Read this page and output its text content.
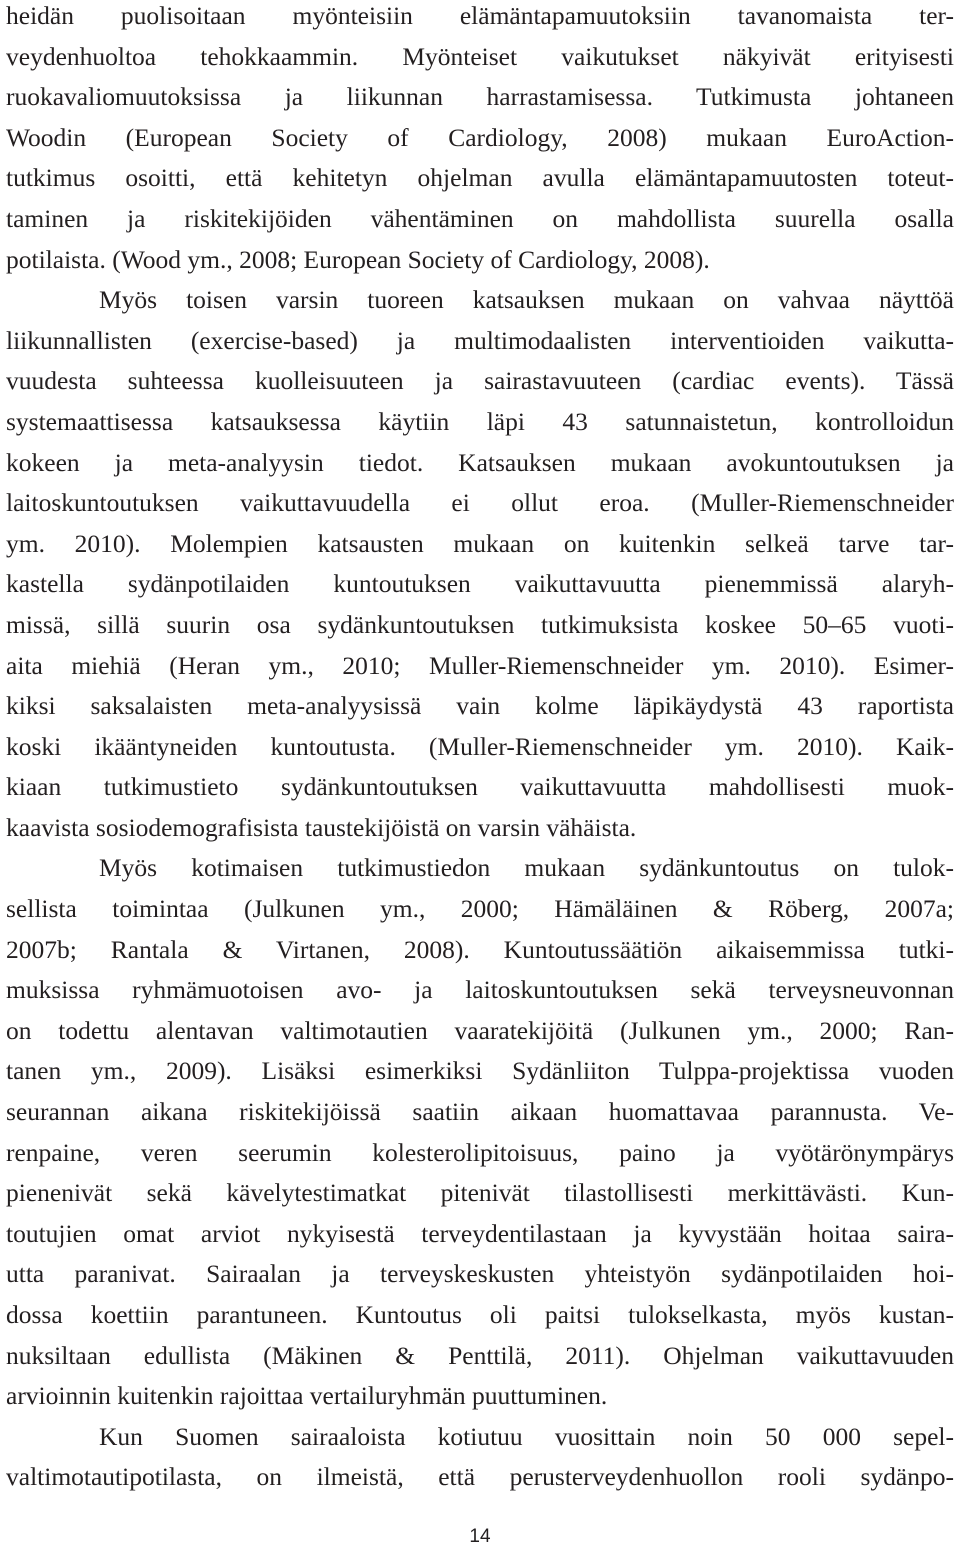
heidän puolisoitaan myönteisiin elämäntapamuutoksiin tavanomaista ter-
veydenhuoltoa tehokkaammin. Myönteiset vaikutukset näkyivät erityisesti
ruokavaliomuutoksissa ja liikunnan harrastamisessa. Tutkimusta johtaneen
Woodin (European Society of Cardiology, 2008) mukaan EuroAction-
tutkimus osoitti, että kehitetyn ohjelman avulla elämäntapamuutosten toteut-
taminen ja riskitekijöiden vähentäminen on mahdollista suurella osalla
potilaista. (Wood ym., 2008; European Society of Cardiology, 2008).
Myös toisen varsin tuoreen katsauksen mukaan on vahvaa näyttöä
liikunnallisten (exercise-based) ja multimodaalisten interventioiden vaikutta-
vuudesta suhteessa kuolleisuuteen ja sairastavuuteen (cardiac events). Tässä
systemaattisessa katsauksessa käytiin läpi 43 satunnaistetun, kontrolloidun
kokeen ja meta-analyysin tiedot. Katsauksen mukaan avokuntoutuksen ja
laitoskuntoutuksen vaikuttavuudella ei ollut eroa. (Muller-Riemenschneider
ym. 2010). Molempien katsausten mukaan on kuitenkin selkeä tarve tar-
kastella sydänpotilaiden kuntoutuksen vaikuttavuutta pienemmissä alaryh-
missä, sillä suurin osa sydänkuntoutuksen tutkimuksista koskee 50–65 vuoti-
aita miehiä (Heran ym., 2010; Muller-Riemenschneider ym. 2010). Esimer-
kiksi saksalaisten meta-analyysissä vain kolme läpikäydystä 43 raportista
koski ikääntyneiden kuntoutusta. (Muller-Riemenschneider ym. 2010). Kaik-
kiaan tutkimustieto sydänkuntoutuksen vaikuttavuutta mahdollisesti muok-
kaavista sosiodemografisista taustekijöistä on varsin vähäista.
Myös kotimaisen tutkimustiedon mukaan sydänkuntoutus on tulok-
sellista toimintaa (Julkunen ym., 2000; Hämäläinen & Röberg, 2007a;
2007b; Rantala & Virtanen, 2008). Kuntoutussäätiön aikaisemmissa tutki-
muksissa ryhmämuotoisen avo- ja laitoskuntoutuksen sekä terveysneuvonnan
on todettu alentavan valtimotautien vaaratekijöitä (Julkunen ym., 2000; Ran-
tanen ym., 2009). Lisäksi esimerkiksi Sydänliiton Tulppa-projektissa vuoden
seurannan aikana riskitekijöissä saatiin aikaan huomattavaa parannusta. Ve-
renpaine, veren seerumin kolesterolipitoisuus, paino ja vyötärönympärys
pienenivät sekä kävelytestimatkat pitenivät tilastollisesti merkittävästi. Kun-
toutujien omat arviot nykyisestä terveydentilastaan ja kyvystään hoitaa saira-
utta paranivat. Sairaalan ja terveyskeskusten yhteistyön sydänpotilaiden hoi-
dossa koettiin parantuneen. Kuntoutus oli paitsi tulokselkasta, myös kustan-
nuksiltaan edullista (Mäkinen & Penttilä, 2011). Ohjelman vaikuttavuuden
arvioinnin kuitenkin rajoittaa vertailuryhmän puuttuminen.
Kun Suomen sairaaloista kotiutuu vuosittain noin 50 000 sepel-
valtimotautipotilasta, on ilmeistä, että perusterveydenhuollon rooli sydänpo-
14
